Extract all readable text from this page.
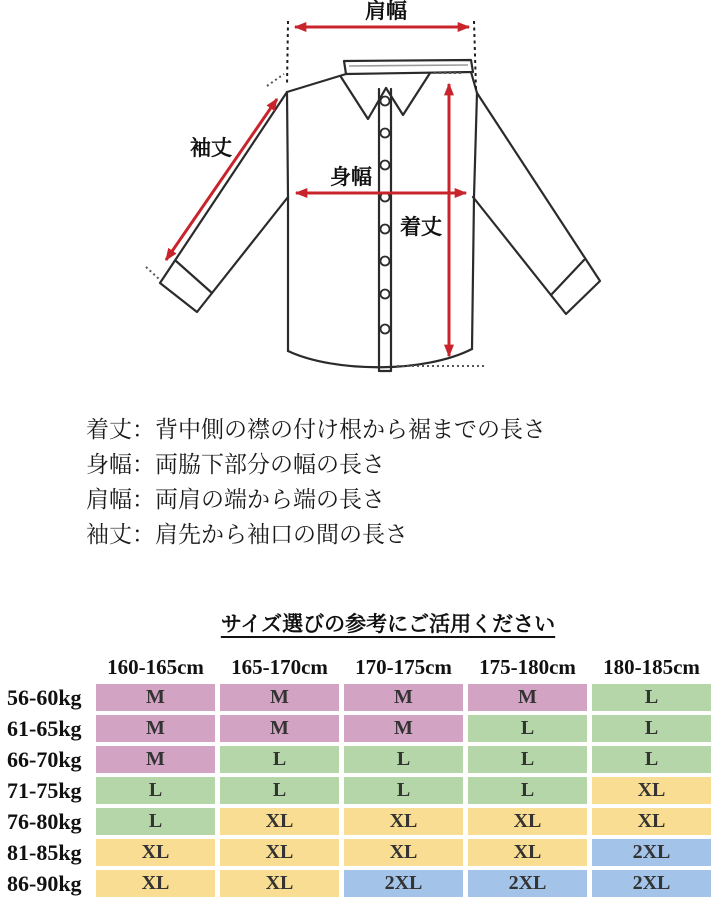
肩幅
袖丈
身幅
着丈
着丈：背中側の襟の付け根から裾までの長さ
身幅：両脇下部分の幅の長さ
肩幅：両肩の端から端の長さ
袖丈：肩先から袖口の間の長さ
サイズ選びの参考にご活用ください
	160-165cm	165-170cm	170-175cm	175-180cm	180-185cm
56-60kg	M	M	M	M	L
61-65kg	M	M	M	L	L
66-70kg	M	L	L	L	L
71-75kg	L	L	L	L	XL
76-80kg	L	XL	XL	XL	XL
81-85kg	XL	XL	XL	XL	2XL
86-90kg	XL	XL	2XL	2XL	2XL
